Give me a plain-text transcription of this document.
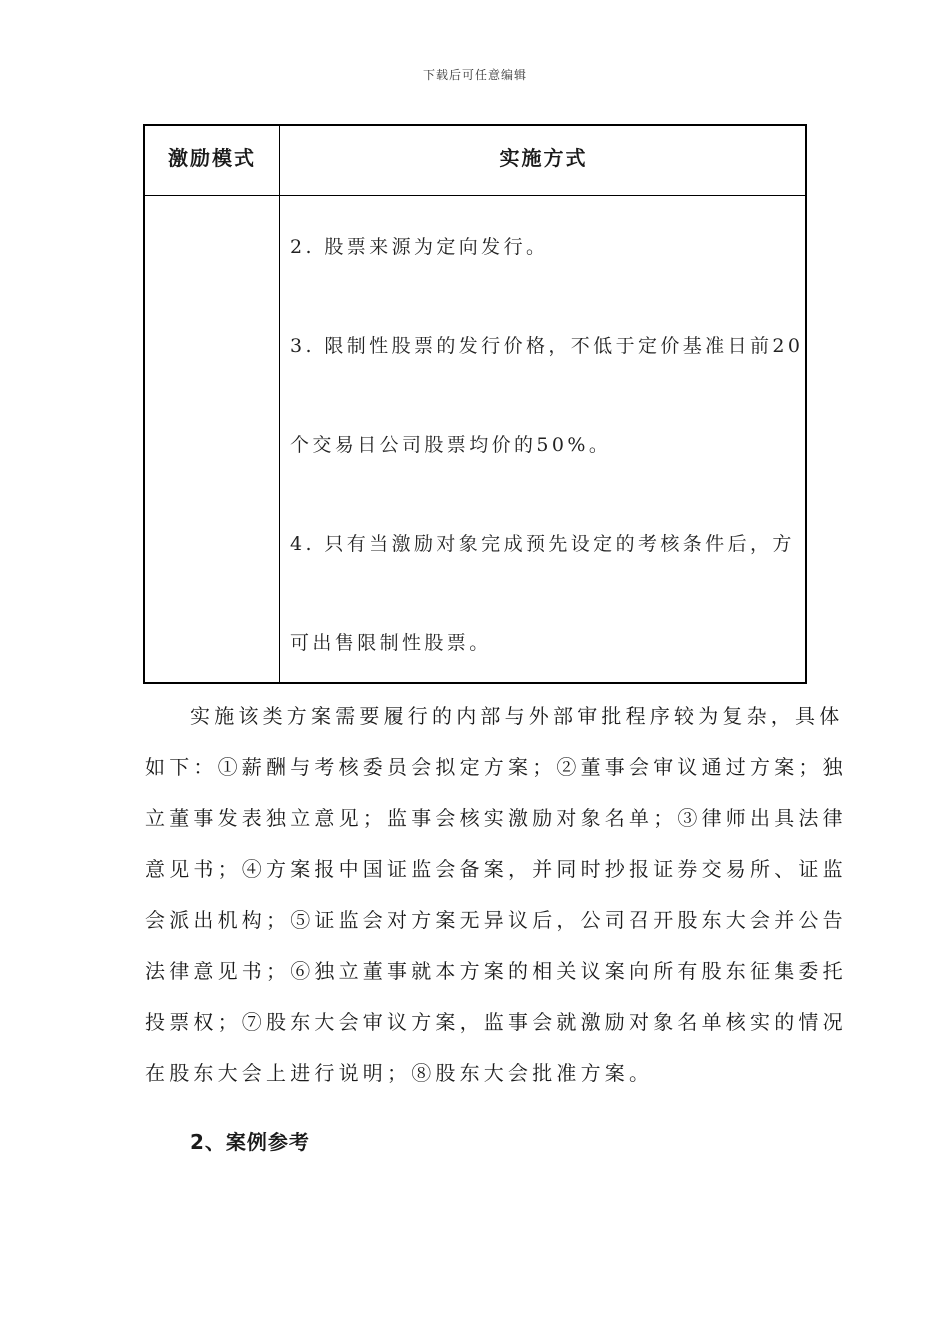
下载后可任意编辑
激励模式	实施方式
2. 股票来源为定向发行。
3. 限制性股票的发行价格，不低于定价基准日前20
个交易日公司股票均价的50%。
4. 只有当激励对象完成预先设定的考核条件后，方
可出售限制性股票。
实施该类方案需要履行的内部与外部审批程序较为复杂，具体
如下：①薪酬与考核委员会拟定方案；②董事会审议通过方案；独
立董事发表独立意见；监事会核实激励对象名单；③律师出具法律
意见书；④方案报中国证监会备案，并同时抄报证券交易所、证监
会派出机构；⑤证监会对方案无异议后，公司召开股东大会并公告
法律意见书；⑥独立董事就本方案的相关议案向所有股东征集委托
投票权；⑦股东大会审议方案，监事会就激励对象名单核实的情况
在股东大会上进行说明；⑧股东大会批准方案。
2、案例参考
